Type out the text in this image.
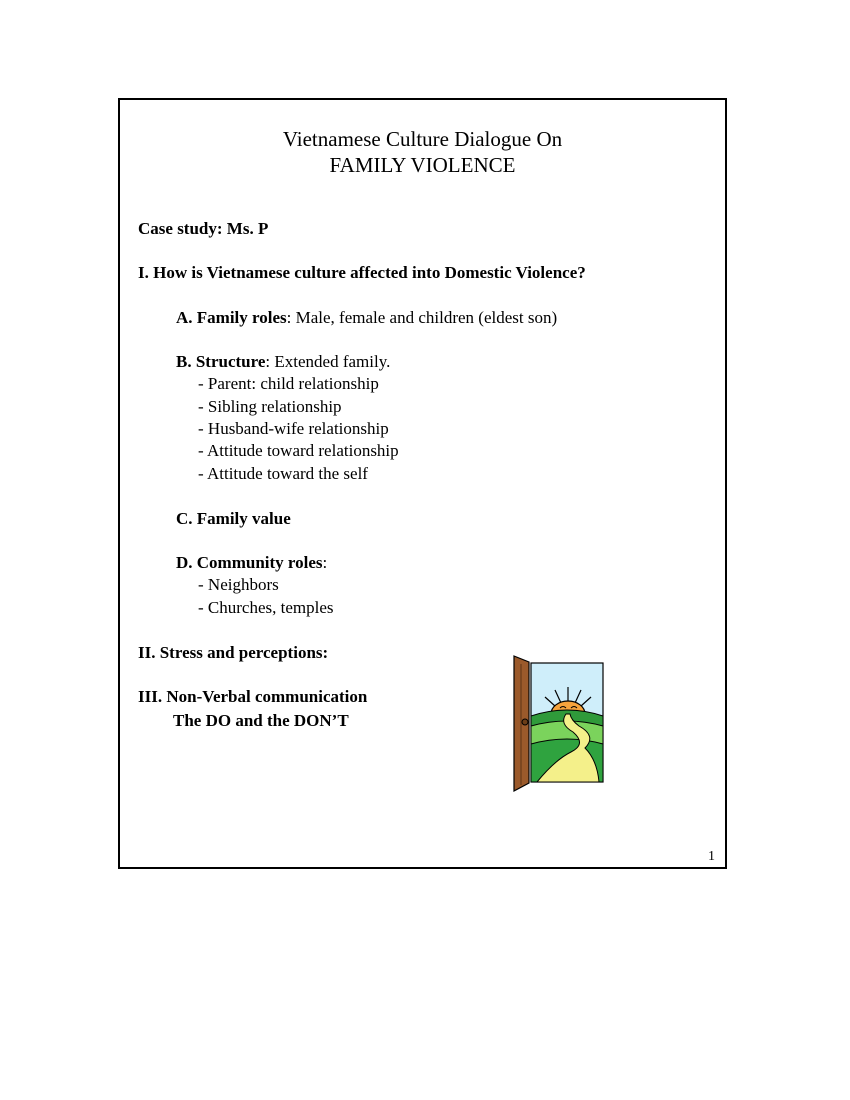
Vietnamese Culture Dialogue On
FAMILY VIOLENCE
Case study: Ms. P
I. How is Vietnamese culture affected into Domestic Violence?
A. Family roles: Male, female and children (eldest son)
B. Structure: Extended family.
- Parent: child relationship
- Sibling relationship
- Husband-wife relationship
- Attitude toward relationship
- Attitude toward the self
C. Family value
D. Community roles:
- Neighbors
- Churches, temples
II. Stress and perceptions:
III. Non-Verbal communication
The DO and the DON’T
1
